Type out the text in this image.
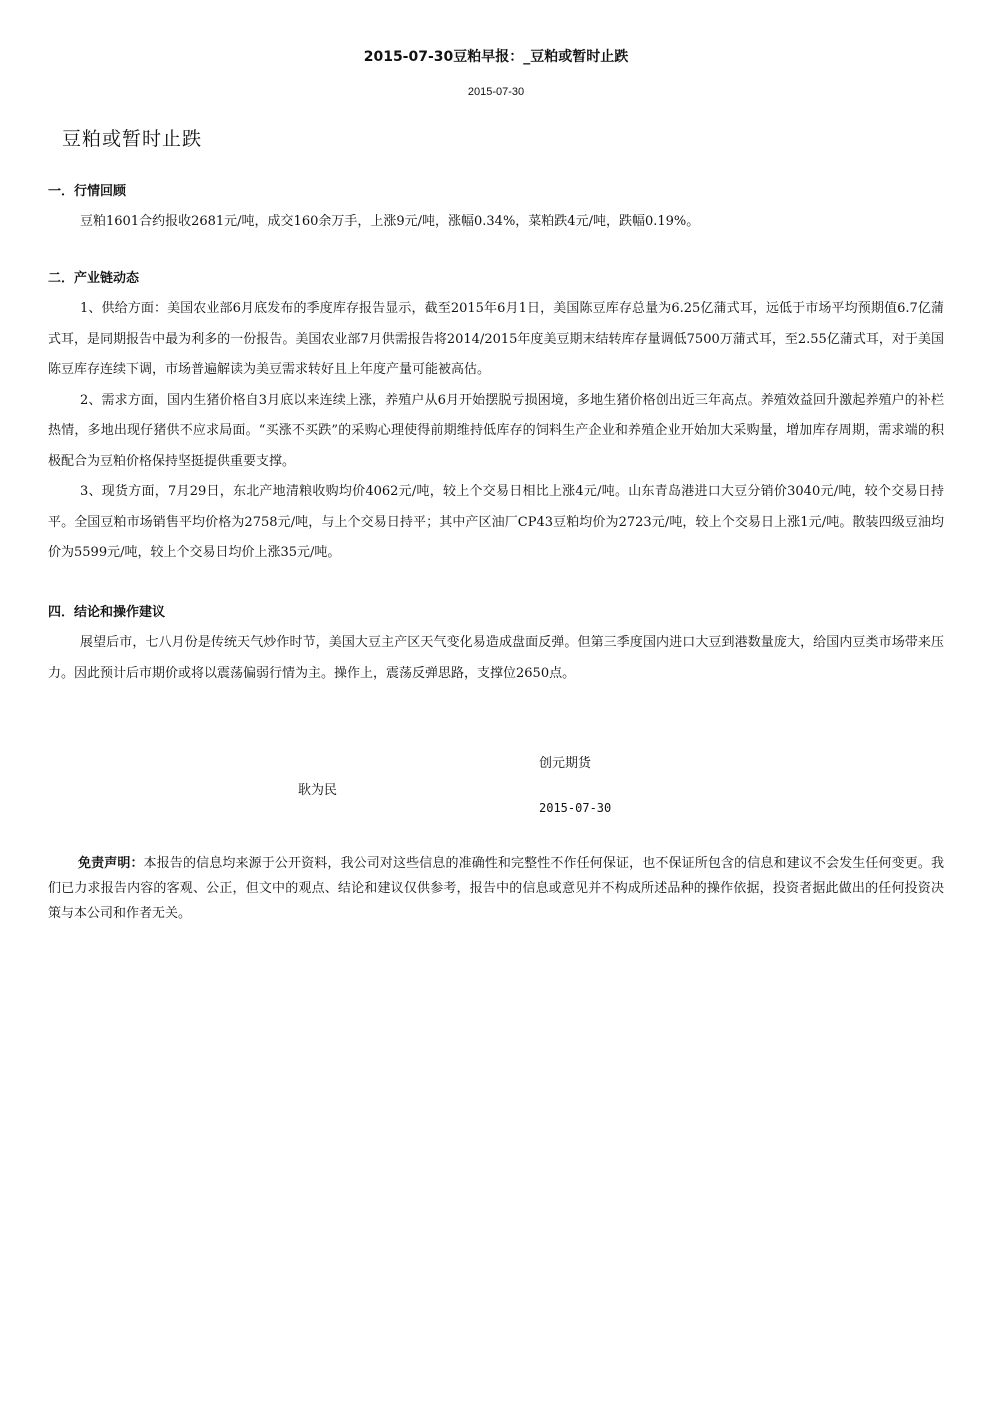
2015-07-30豆粕早报：_豆粕或暂时止跌
2015-07-30
豆粕或暂时止跌

一．行情回顾

豆粕1601合约报收2681元/吨，成交160余万手，上涨9元/吨，涨幅0.34%，菜粕跌4元/吨，跌幅0.19%。

二．产业链动态

1、供给方面：美国农业部6月底发布的季度库存报告显示，截至2015年6月1日，美国陈豆库存总量为6.25亿蒲式耳，远低于市场平均预期值6.7亿蒲式耳，是同期报告中最为利多的一份报告。美国农业部7月供需报告将2014/2015年度美豆期末结转库存量调低7500万蒲式耳，至2.55亿蒲式耳，对于美国陈豆库存连续下调，市场普遍解读为美豆需求转好且上年度产量可能被高估。

2、需求方面，国内生猪价格自3月底以来连续上涨，养殖户从6月开始摆脱亏损困境，多地生猪价格创出近三年高点。养殖效益回升激起养殖户的补栏热情，多地出现仔猪供不应求局面。“买涨不买跌”的采购心理使得前期维持低库存的饲料生产企业和养殖企业开始加大采购量，增加库存周期，需求端的积极配合为豆粕价格保持坚挺提供重要支撑。

3、现货方面，7月29日，东北产地清粮收购均价4062元/吨，较上个交易日相比上涨4元/吨。山东青岛港进口大豆分销价3040元/吨，较个交易日持平。全国豆粕市场销售平均价格为2758元/吨，与上个交易日持平；其中产区油厂CP43豆粕均价为2723元/吨，较上个交易日上涨1元/吨。散装四级豆油均价为5599元/吨，较上个交易日均价上涨35元/吨。

四．结论和操作建议

展望后市，七八月份是传统天气炒作时节，美国大豆主产区天气变化易造成盘面反弹。但第三季度国内进口大豆到港数量庞大，给国内豆类市场带来压力。因此预计后市期价或将以震荡偏弱行情为主。操作上，震荡反弹思路，支撑位2650点。

创元期货
耿为民
2015-07-30
免责声明：本报告的信息均来源于公开资料，我公司对这些信息的准确性和完整性不作任何保证，也不保证所包含的信息和建议不会发生任何变更。我们已力求报告内容的客观、公正，但文中的观点、结论和建议仅供参考，报告中的信息或意见并不构成所述品种的操作依据，投资者据此做出的任何投资决策与本公司和作者无关。
